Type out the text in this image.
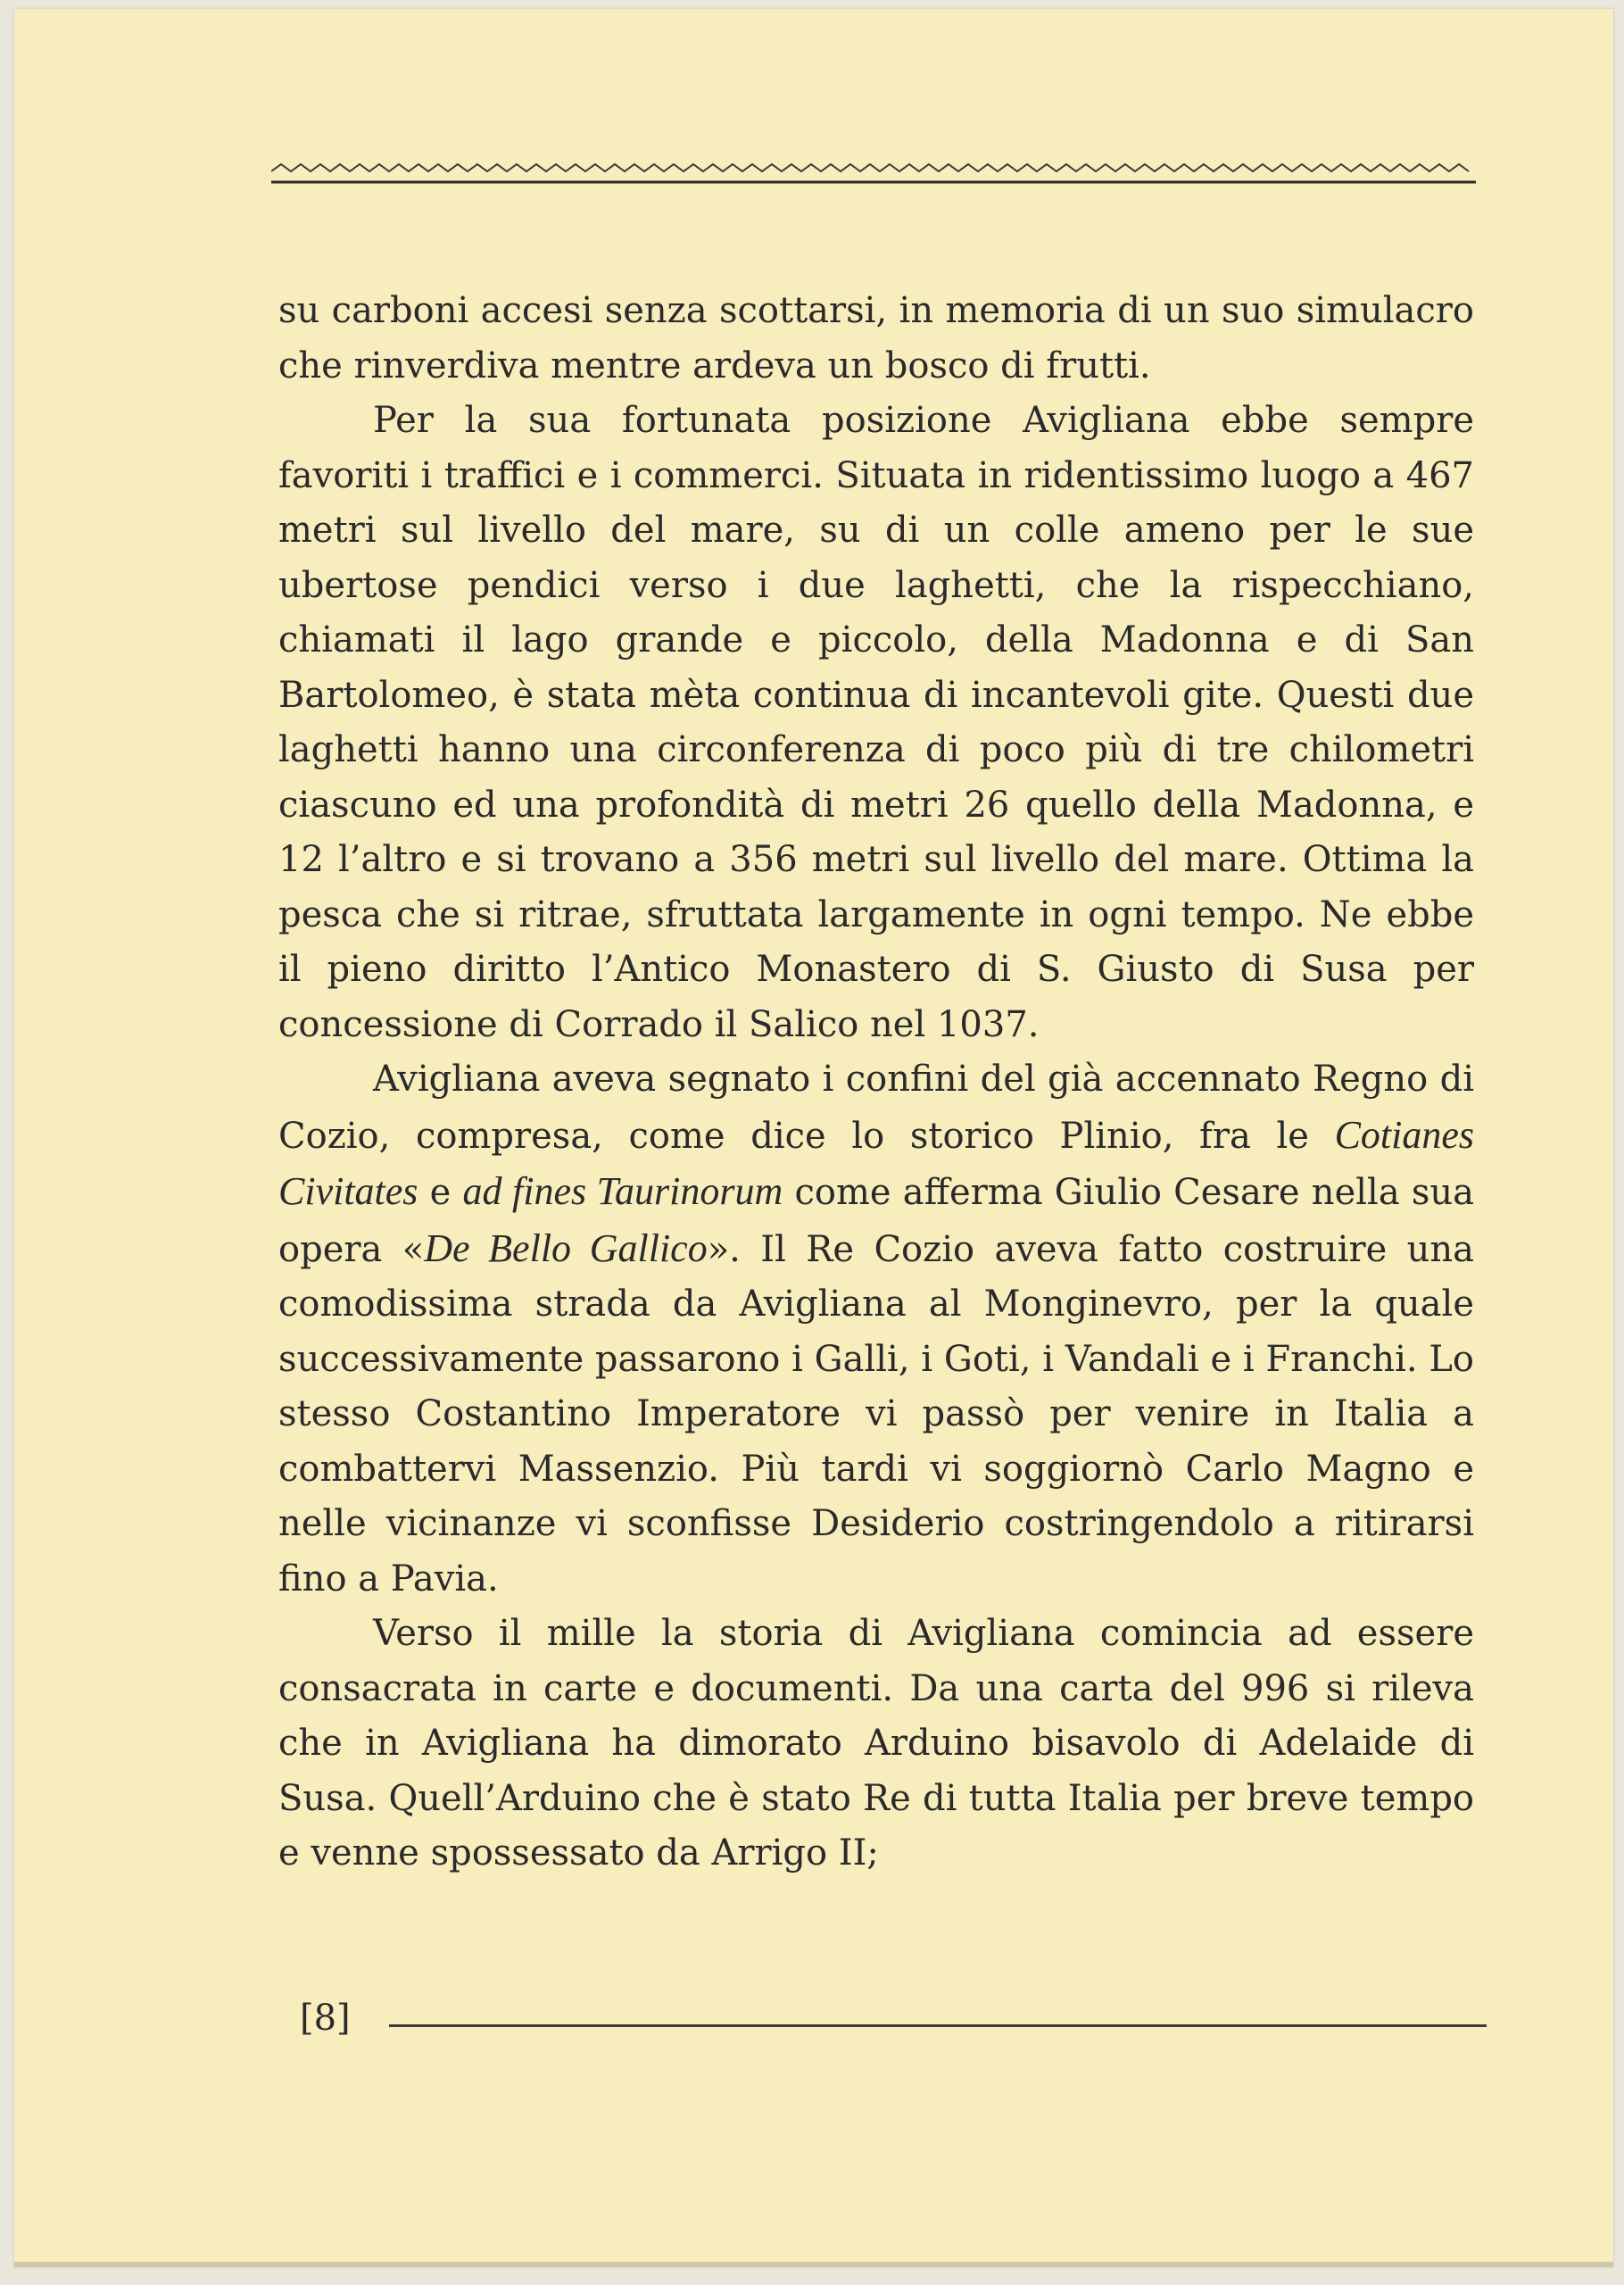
su carboni accesi senza scottarsi, in memoria di un suo simulacro che rinverdiva mentre ardeva un bosco di frutti.

Per la sua fortunata posizione Avigliana ebbe sempre favoriti i traffici e i commerci. Situata in ridentissimo luogo a 467 metri sul livello del mare, su di un colle ameno per le sue ubertose pendici verso i due laghetti, che la rispecchiano, chiamati il lago grande e piccolo, della Madonna e di San Bartolomeo, è stata mèta continua di incantevoli gite. Questi due laghetti hanno una circonferenza di poco più di tre chilometri ciascuno ed una profondità di metri 26 quello della Madonna, e 12 l’altro e si trovano a 356 metri sul livello del mare. Ottima la pesca che si ritrae, sfruttata largamente in ogni tempo. Ne ebbe il pieno diritto l’Antico Monastero di S. Giusto di Susa per concessione di Corrado il Salico nel 1037.

Avigliana aveva segnato i confini del già accennato Regno di Cozio, compresa, come dice lo storico Plinio, fra le Cotianes Civitates e ad fines Taurinorum come afferma Giulio Cesare nella sua opera «De Bello Gallico». Il Re Cozio aveva fatto costruire una comodissima strada da Avigliana al Monginevro, per la quale successivamente passarono i Galli, i Goti, i Vandali e i Franchi. Lo stesso Costantino Imperatore vi passò per venire in Italia a combattervi Massenzio. Più tardi vi soggiornò Carlo Magno e nelle vicinanze vi sconfisse Desiderio costringendolo a ritirarsi fino a Pavia.

Verso il mille la storia di Avigliana comincia ad essere consacrata in carte e documenti. Da una carta del 996 si rileva che in Avigliana ha dimorato Arduino bisavolo di Adelaide di Susa. Quell’Arduino che è stato Re di tutta Italia per breve tempo e venne spossessato da Arrigo II;

[8]
